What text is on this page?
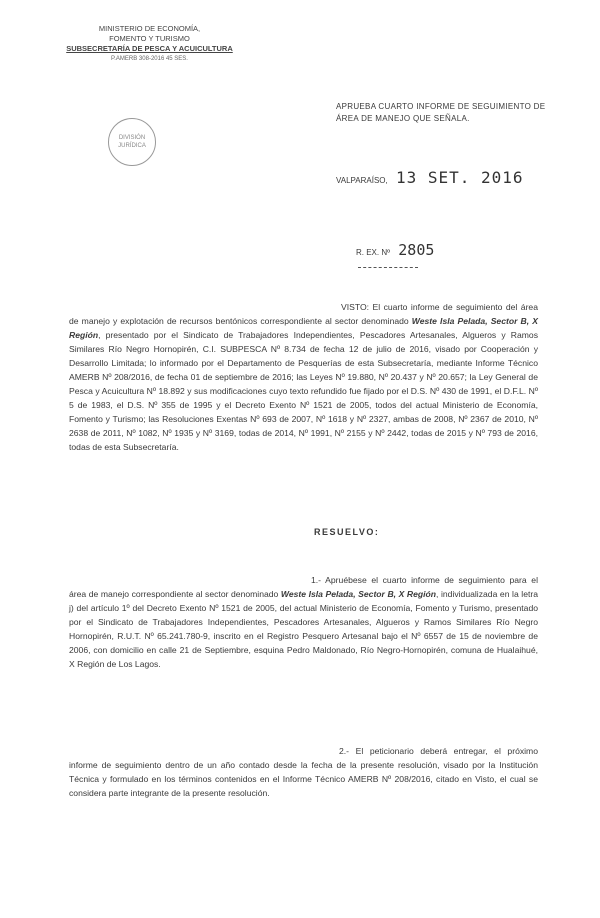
MINISTERIO DE ECONOMÍA,
FOMENTO Y TURISMO
SUBSECRETARÍA DE PESCA Y ACUICULTURA
P.AMERB 308-2016 45 SES.
DIVISIÓN
JURÍDICA
APRUEBA CUARTO INFORME DE SEGUIMIENTO DE ÁREA DE MANEJO QUE SEÑALA.
VALPARAÍSO, 13 SET. 2016
R. EX. Nº 2805
VISTO: El cuarto informe de seguimiento del área de manejo y explotación de recursos bentónicos correspondiente al sector denominado Weste Isla Pelada, Sector B, X Región, presentado por el Sindicato de Trabajadores Independientes, Pescadores Artesanales, Algueros y Ramos Similares Río Negro Hornopirén, C.I. SUBPESCA Nº 8.734 de fecha 12 de julio de 2016, visado por Cooperación y Desarrollo Limitada; lo informado por el Departamento de Pesquerías de esta Subsecretaría, mediante Informe Técnico AMERB Nº 208/2016, de fecha 01 de septiembre de 2016; las Leyes Nº 19.880, Nº 20.437 y Nº 20.657; la Ley General de Pesca y Acuicultura Nº 18.892 y sus modificaciones cuyo texto refundido fue fijado por el D.S. Nº 430 de 1991, el D.F.L. Nº 5 de 1983, el D.S. Nº 355 de 1995 y el Decreto Exento Nº 1521 de 2005, todos del actual Ministerio de Economía, Fomento y Turismo; las Resoluciones Exentas Nº 693 de 2007, Nº 1618 y Nº 2327, ambas de 2008, Nº 2367 de 2010, Nº 2638 de 2011, Nº 1082, Nº 1935 y Nº 3169, todas de 2014, Nº 1991, Nº 2155 y Nº 2442, todas de 2015 y Nº 793 de 2016, todas de esta Subsecretaría.
RESUELVO:
1.- Apruébese el cuarto informe de seguimiento para el área de manejo correspondiente al sector denominado Weste Isla Pelada, Sector B, X Región, individualizada en la letra j) del artículo 1º del Decreto Exento Nº 1521 de 2005, del actual Ministerio de Economía, Fomento y Turismo, presentado por el Sindicato de Trabajadores Independientes, Pescadores Artesanales, Algueros y Ramos Similares Río Negro Hornopirén, R.U.T. Nº 65.241.780-9, inscrito en el Registro Pesquero Artesanal bajo el Nº 6557 de 15 de noviembre de 2006, con domicilio en calle 21 de Septiembre, esquina Pedro Maldonado, Río Negro-Hornopirén, comuna de Hualaihué, X Región de Los Lagos.
2.- El peticionario deberá entregar, el próximo informe de seguimiento dentro de un año contado desde la fecha de la presente resolución, visado por la Institución Técnica y formulado en los términos contenidos en el Informe Técnico AMERB Nº 208/2016, citado en Visto, el cual se considera parte integrante de la presente resolución.
